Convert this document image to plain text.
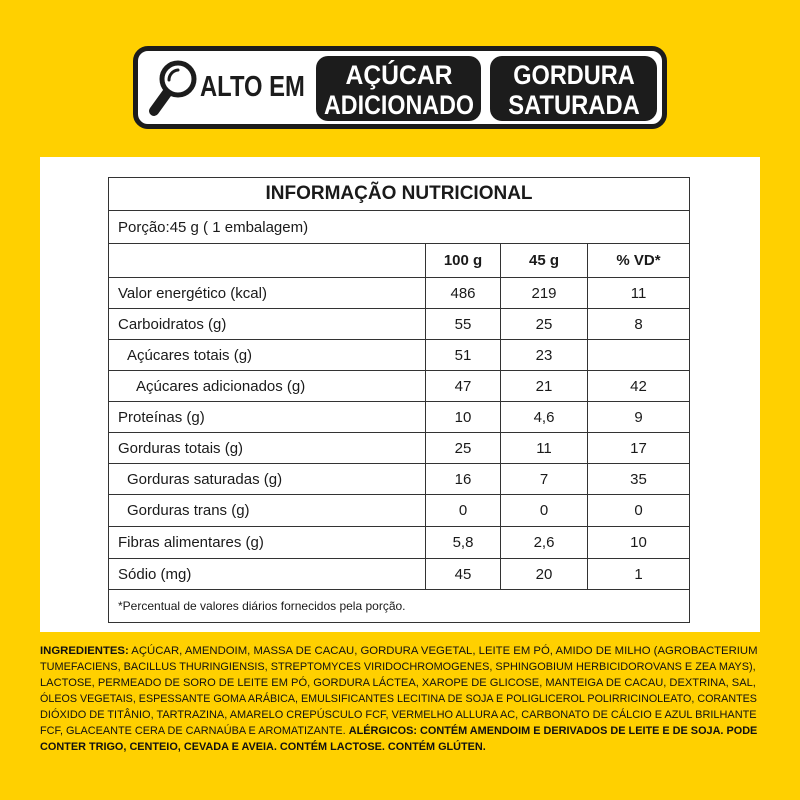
ALTO EM AÇÚCAR
ADICIONADO
GORDURA
SATURADA
INFORMAÇÃO NUTRICIONAL			
Porção:45 g ( 1 embalagem)			
	100 g	45 g	% VD*
Valor energético (kcal)	486	219	11
Carboidratos (g)	55	25	8
Açúcares totais (g)	51	23	
Açúcares adicionados (g)	47	21	42
Proteínas (g)	10	4,6	9
Gorduras totais (g)	25	11	17
Gorduras saturadas (g)	16	7	35
Gorduras trans (g)	0	0	0
Fibras alimentares (g)	5,8	2,6	10
Sódio (mg)	45	20	1
*Percentual de valores diários fornecidos pela porção.			
INGREDIENTES: AÇÚCAR, AMENDOIM, MASSA DE CACAU, GORDURA VEGETAL, LEITE EM PÓ, AMIDO DE MILHO (AGROBACTERIUM
TUMEFACIENS, BACILLUS THURINGIENSIS, STREPTOMYCES VIRIDOCHROMOGENES, SPHINGOBIUM HERBICIDOROVANS E ZEA MAYS),
LACTOSE, PERMEADO DE SORO DE LEITE EM PÓ, GORDURA LÁCTEA, XAROPE DE GLICOSE, MANTEIGA DE CACAU, DEXTRINA, SAL,
ÓLEOS VEGETAIS, ESPESSANTE GOMA ARÁBICA, EMULSIFICANTES LECITINA DE SOJA E POLIGLICEROL POLIRRICINOLEATO, CORANTES
DIÓXIDO DE TITÂNIO, TARTRAZINA, AMARELO CREPÚSCULO FCF, VERMELHO ALLURA AC, CARBONATO DE CÁLCIO E AZUL BRILHANTE
FCF, GLACEANTE CERA DE CARNAÚBA E AROMATIZANTE. ALÉRGICOS: CONTÉM AMENDOIM E DERIVADOS DE LEITE E DE SOJA. PODE
CONTER TRIGO, CENTEIO, CEVADA E AVEIA. CONTÉM LACTOSE. CONTÉM GLÚTEN.
